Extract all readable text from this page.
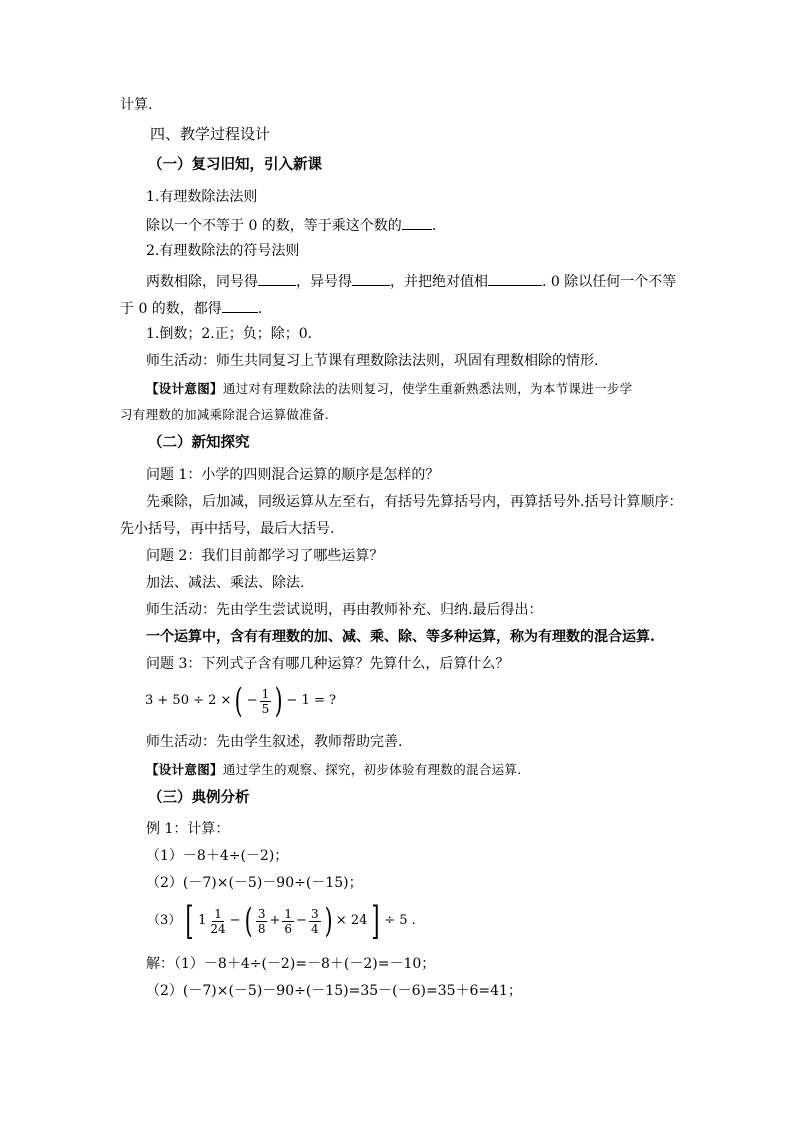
计算.
四、教学过程设计
（一）复习旧知，引入新课
1.有理数除法法则
除以一个不等于 0 的数，等于乘这个数的 .
2.有理数除法的符号法则
两数相除，同号得	，异号得	，并把绝对值相	. 0 除以任何一个不等
于 0 的数，都得	.
1.倒数；2.正；负；除；0.
师生活动：师生共同复习上节课有理数除法法则，巩固有理数相除的情形.
【设计意图】通过对有理数除法的法则复习，使学生重新熟悉法则，为本节课进一步学
习有理数的加减乘除混合运算做准备.
（二）新知探究
问题 1：小学的四则混合运算的顺序是怎样的？
先乘除，后加减，同级运算从左至右，有括号先算括号内，再算括号外.括号计算顺序：
先小括号，再中括号，最后大括号.
问题 2：我们目前都学习了哪些运算？
加法、减法、乘法、除法.
师生活动：先由学生尝试说明，再由教师补充、归纳.最后得出：
一个运算中，含有有理数的加、减、乘、除、等多种运算，称为有理数的混合运算.
问题 3：下列式子含有哪几种运算？先算什么，后算什么？
3 + 50 ÷ 2 × ( − $\frac{1}{5}$ ) − 1 = ?
师生活动：先由学生叙述，教师帮助完善.
【设计意图】通过学生的观察、探究，初步体验有理数的混合运算.
（三）典例分析
例 1：计算：
（1）－8＋4÷(－2)；
（2）(－7)×(－5)－90÷(－15)；
（3） [ $1 \frac{1}{24}$ − ( $\frac{3}{8} + \frac{1}{6} - \frac{3}{4}$ ) × 24 ] ÷ 5 .
解：（1）－8＋4÷(－2)=－8＋(－2)=－10；
（2）(－7)×(－5)－90÷(－15)=35－(－6)=35＋6=41；
